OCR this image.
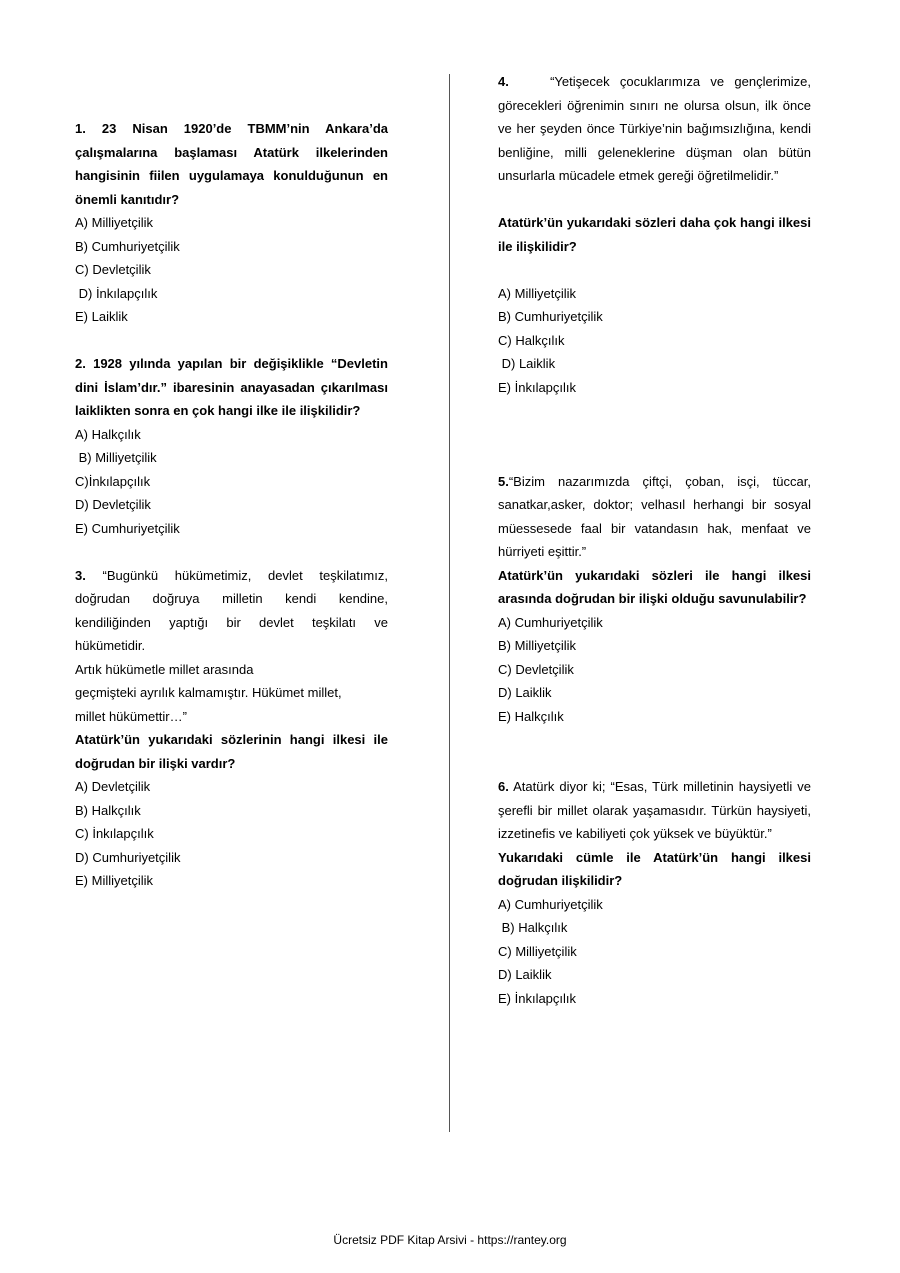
1. 23 Nisan 1920’de TBMM’nin Ankara’da çalışmalarına başlaması Atatürk ilkelerinden hangisinin fiilen uygulamaya konulduğunun en önemli kanıtıdır?

A) Milliyetçilik

B) Cumhuriyetçilik

C) Devletçilik

D) İnkılapçılık

E) Laiklik

2. 1928 yılında yapılan bir değişiklikle “Devletin dini İslam’dır.” ibaresinin anayasadan çıkarılması laiklikten sonra en çok hangi ilke ile ilişkilidir?

A) Halkçılık

B) Milliyetçilik

C)İnkılapçılık

D) Devletçilik

E) Cumhuriyetçilik

3. “Bugünkü hükümetimiz, devlet teşkilatımız, doğrudan doğruya milletin kendi kendine, kendiliğinden yaptığı bir devlet teşkilatı ve hükümetidir.

Artık hükümetle millet arasında

geçmişteki ayrılık kalmamıştır. Hükümet millet,

millet hükümettir…”

Atatürk’ün yukarıdaki sözlerinin hangi ilkesi ile doğrudan bir ilişki vardır?

A) Devletçilik

B) Halkçılık

C) İnkılapçılık

D) Cumhuriyetçilik

E) Milliyetçilik

4.	“Yetişecek çocuklarımıza ve gençlerimize, görecekleri öğrenimin sınırı ne olursa olsun, ilk önce ve her şeyden önce Türkiye’nin bağımsızlığına, kendi benliğine, milli geleneklerine düşman olan bütün unsurlarla mücadele etmek gereği öğretilmelidir.”

Atatürk’ün yukarıdaki sözleri daha çok hangi ilkesi ile ilişkilidir?

A) Milliyetçilik

B) Cumhuriyetçilik

C) Halkçılık

D) Laiklik

E) İnkılapçılık

5.“Bizim nazarımızda çiftçi, çoban, isçi, tüccar, sanatkar,asker, doktor; velhasıl herhangi bir sosyal müessesede faal bir vatandasın hak, menfaat ve hürriyeti eşittir.”

Atatürk’ün yukarıdaki sözleri ile hangi ilkesi arasında doğrudan bir ilişki olduğu savunulabilir?

A) Cumhuriyetçilik

B) Milliyetçilik

C) Devletçilik

D) Laiklik

E) Halkçılık

6. Atatürk diyor ki; “Esas, Türk milletinin haysiyetli ve şerefli bir millet olarak yaşamasıdır. Türkün haysiyeti, izzetinefis ve kabiliyeti çok yüksek ve büyüktür.”

Yukarıdaki cümle ile Atatürk’ün hangi ilkesi doğrudan ilişkilidir?

A) Cumhuriyetçilik

B) Halkçılık

C) Milliyetçilik

D) Laiklik

E) İnkılapçılık

Ücretsiz PDF Kitap Arsivi - https://rantey.org
